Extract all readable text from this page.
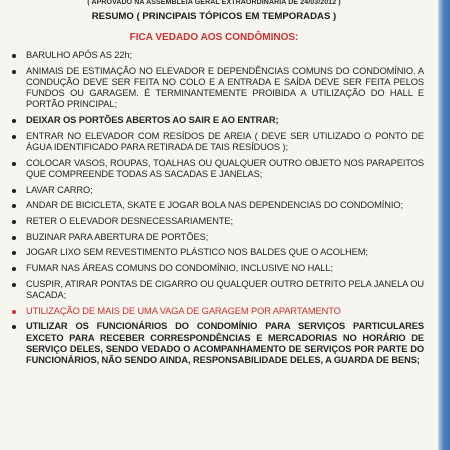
( APROVADO NA ASSEMBLEIA GERAL EXTRAORDINÁRIA DE 24/03/2012 )
RESUMO ( PRINCIPAIS TÓPICOS EM TEMPORADAS )
FICA VEDADO AOS CONDÔMINOS:
BARULHO APÓS AS 22h;
ANIMAIS DE ESTIMAÇÃO NO ELEVADOR E DEPENDÊNCIAS COMUNS DO CONDOMÍNIO. A CONDUÇÃO DEVE SER FEITA NO COLO E A ENTRADA E SAÍDA DEVE SER FEITA PELOS FUNDOS OU GARAGEM. É TERMINANTEMENTE PROIBIDA A UTILIZAÇÃO DO HALL E PORTÃO PRINCIPAL;
DEIXAR OS PORTÕES ABERTOS AO SAIR E AO ENTRAR;
ENTRAR NO ELEVADOR COM RESÍDOS DE AREIA ( DEVE SER UTILIZADO O PONTO DE ÁGUA IDENTIFICADO PARA RETIRADA DE TAIS RESÍDUOS );
COLOCAR VASOS, ROUPAS, TOALHAS OU QUALQUER OUTRO OBJETO NOS PARAPEITOS QUE COMPREENDE TODAS AS SACADAS E JANELAS;
LAVAR CARRO;
ANDAR DE BICICLETA, SKATE E JOGAR BOLA NAS DEPENDENCIAS DO CONDOMÍNIO;
RETER O ELEVADOR DESNECESSARIAMENTE;
BUZINAR PARA ABERTURA DE PORTÕES;
JOGAR LIXO SEM REVESTIMENTO PLÁSTICO NOS BALDES QUE O ACOLHEM;
FUMAR NAS ÁREAS COMUNS DO CONDOMÍNIO, INCLUSIVE NO HALL;
CUSPIR, ATIRAR PONTAS DE CIGARRO OU QUALQUER OUTRO DETRITO PELA JANELA OU SACADA;
UTILIZAÇÃO DE MAIS DE UMA VAGA DE GARAGEM POR APARTAMENTO
UTILIZAR OS FUNCIONÁRIOS DO CONDOMÍNIO PARA SERVIÇOS PARTICULARES EXCETO PARA RECEBER CORRESPONDÊNCIAS E MERCADORIAS NO HORÁRIO DE SERVIÇO DELES, SENDO VEDADO O ACOMPANHAMENTO DE SERVIÇOS POR PARTE DO FUNCIONÁRIOS, NÃO SENDO AINDA, RESPONSABILIDADE DELES, A GUARDA DE BENS;
